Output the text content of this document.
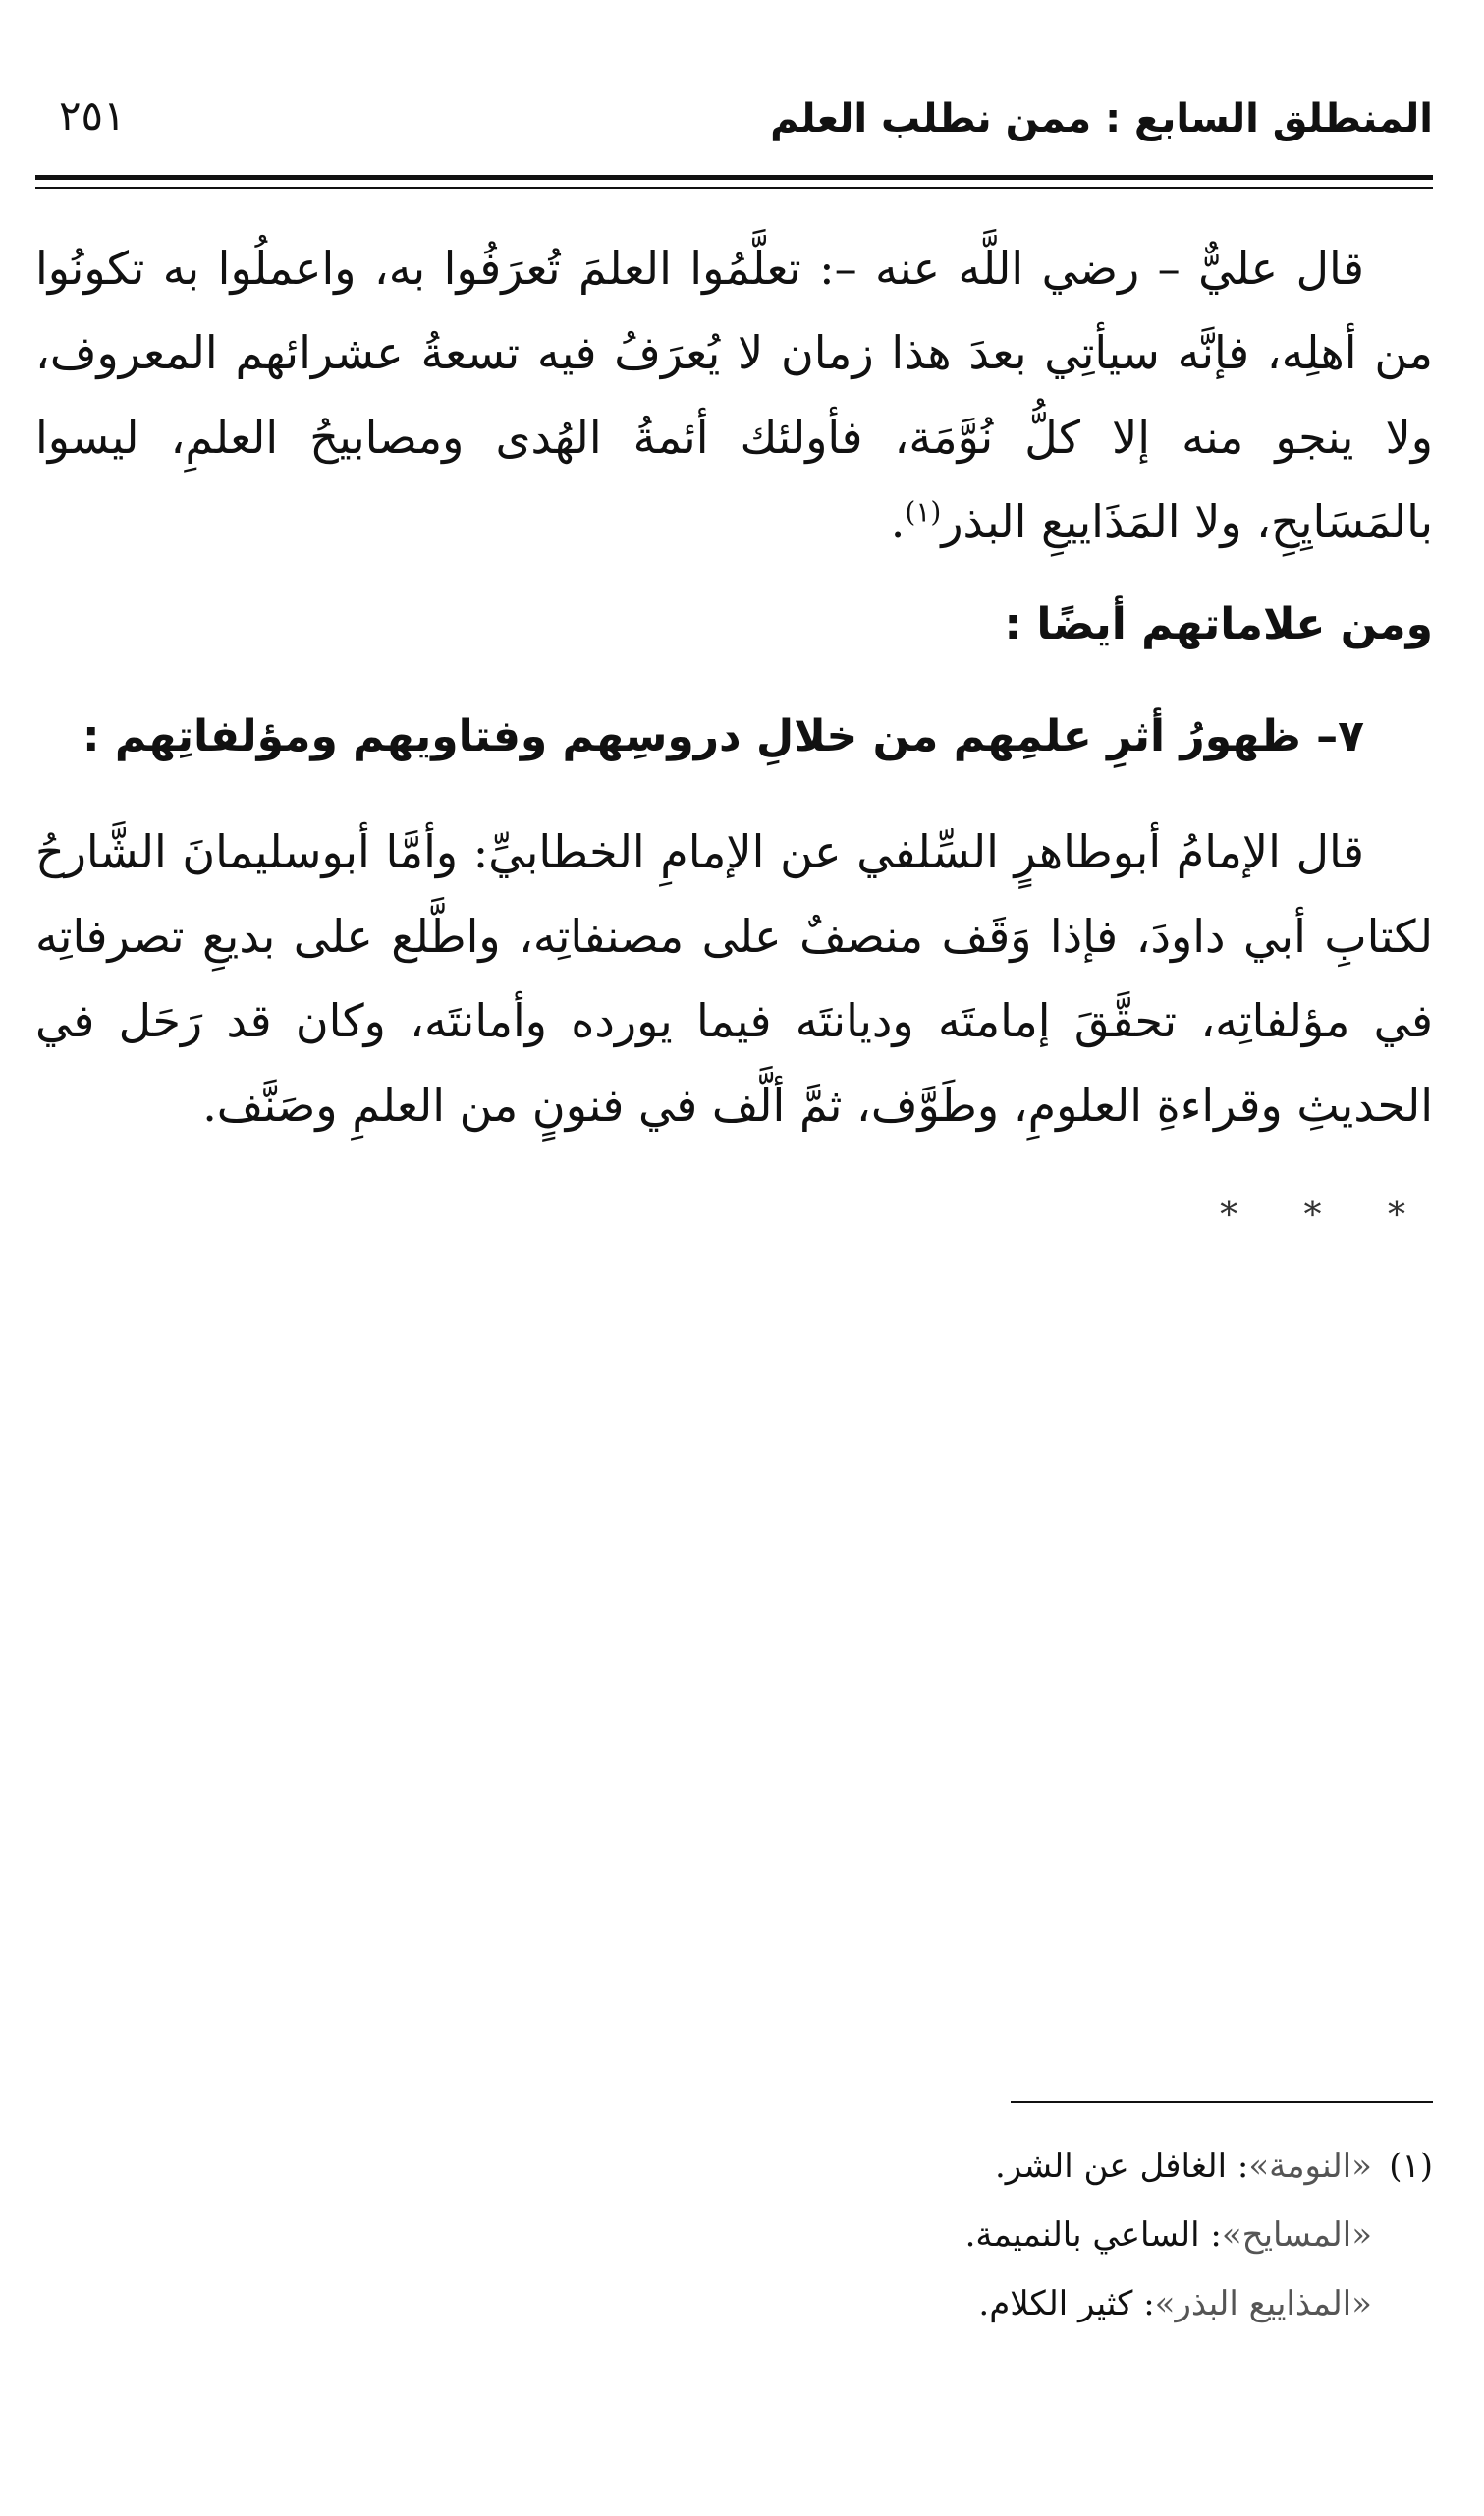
المنطلق السابع : ممن نطلب العلم
٢٥١

قال عليٌّ – رضي اللَّه عنه –: تعلَّمُوا العلمَ تُعرَفُوا به، واعملُوا به تكونُوا من أهلِه، فإنَّه سيأتِي بعدَ هذا زمان لا يُعرَفُ فيه تسعةُ عشرائهم المعروف، ولا ينجو منه إلا كلُّ نُوَّمَة، فأولئك أئمةُ الهُدى ومصابيحُ العلمِ، ليسوا بالمَسَايِحِ، ولا المَذَاييعِ البذر$^{(١)}$.

ومن علاماتهم أيضًا :
٧– ظهورُ أثرِ علمِهم من خلالِ دروسِهم وفتاويهم ومؤلفاتِهم :

قال الإمامُ أبوطاهرٍ السِّلفي عن الإمامِ الخطابيِّ: وأمَّا أبوسليمانَ الشَّارحُ لكتابِ أبي داودَ، فإذا وَقَف منصفٌ على مصنفاتِه، واطَّلع على بديعِ تصرفاتِه في مؤلفاتِه، تحقَّقَ إمامتَه وديانتَه فيما يورده وأمانتَه، وكان قد رَحَل في الحديثِ وقراءةِ العلومِ، وطَوَّف، ثمَّ ألَّف في فنونٍ من العلمِ وصَنَّف.

* * *
(١)«النومة»: الغافل عن الشر.
«المسايح»: الساعي بالنميمة.
«المذاييع البذر»: كثير الكلام.
